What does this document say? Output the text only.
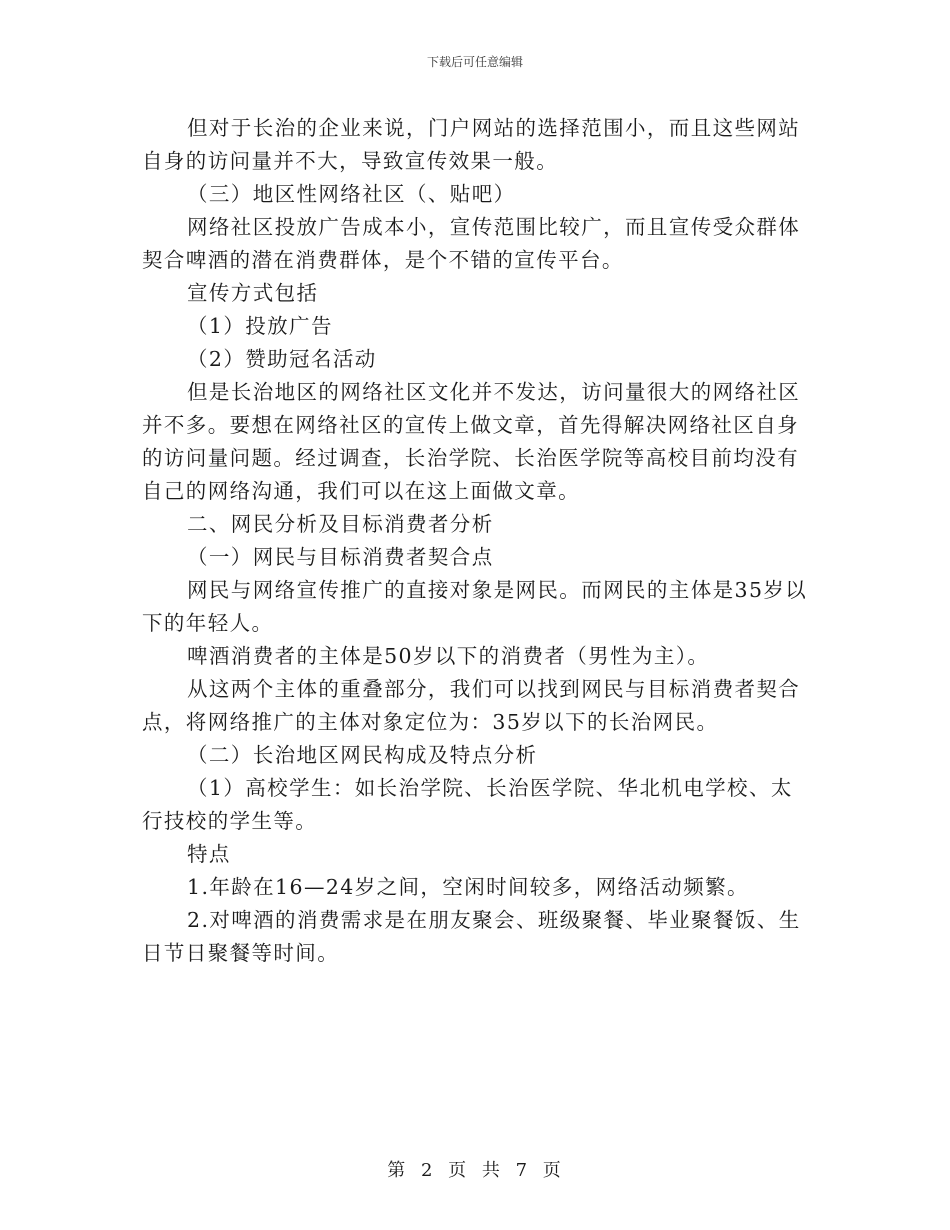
下载后可任意编辑

但对于长治的企业来说，门户网站的选择范围小，而且这些网站自身的访问量并不大，导致宣传效果一般。

（三）地区性网络社区（、贴吧）

网络社区投放广告成本小，宣传范围比较广，而且宣传受众群体契合啤酒的潜在消费群体，是个不错的宣传平台。

宣传方式包括

（1）投放广告

（2）赞助冠名活动

但是长治地区的网络社区文化并不发达，访问量很大的网络社区并不多。要想在网络社区的宣传上做文章，首先得解决网络社区自身的访问量问题。经过调查，长治学院、长治医学院等高校目前均没有自己的网络沟通，我们可以在这上面做文章。

二、网民分析及目标消费者分析

（一）网民与目标消费者契合点

网民与网络宣传推广的直接对象是网民。而网民的主体是35岁以下的年轻人。

啤酒消费者的主体是50岁以下的消费者（男性为主）。

从这两个主体的重叠部分，我们可以找到网民与目标消费者契合点，将网络推广的主体对象定位为：35岁以下的长治网民。

（二）长治地区网民构成及特点分析

（1）高校学生：如长治学院、长治医学院、华北机电学校、太行技校的学生等。

特点

1.年龄在16—24岁之间，空闲时间较多，网络活动频繁。

2.对啤酒的消费需求是在朋友聚会、班级聚餐、毕业聚餐饭、生日节日聚餐等时间。

第 2 页 共 7 页
